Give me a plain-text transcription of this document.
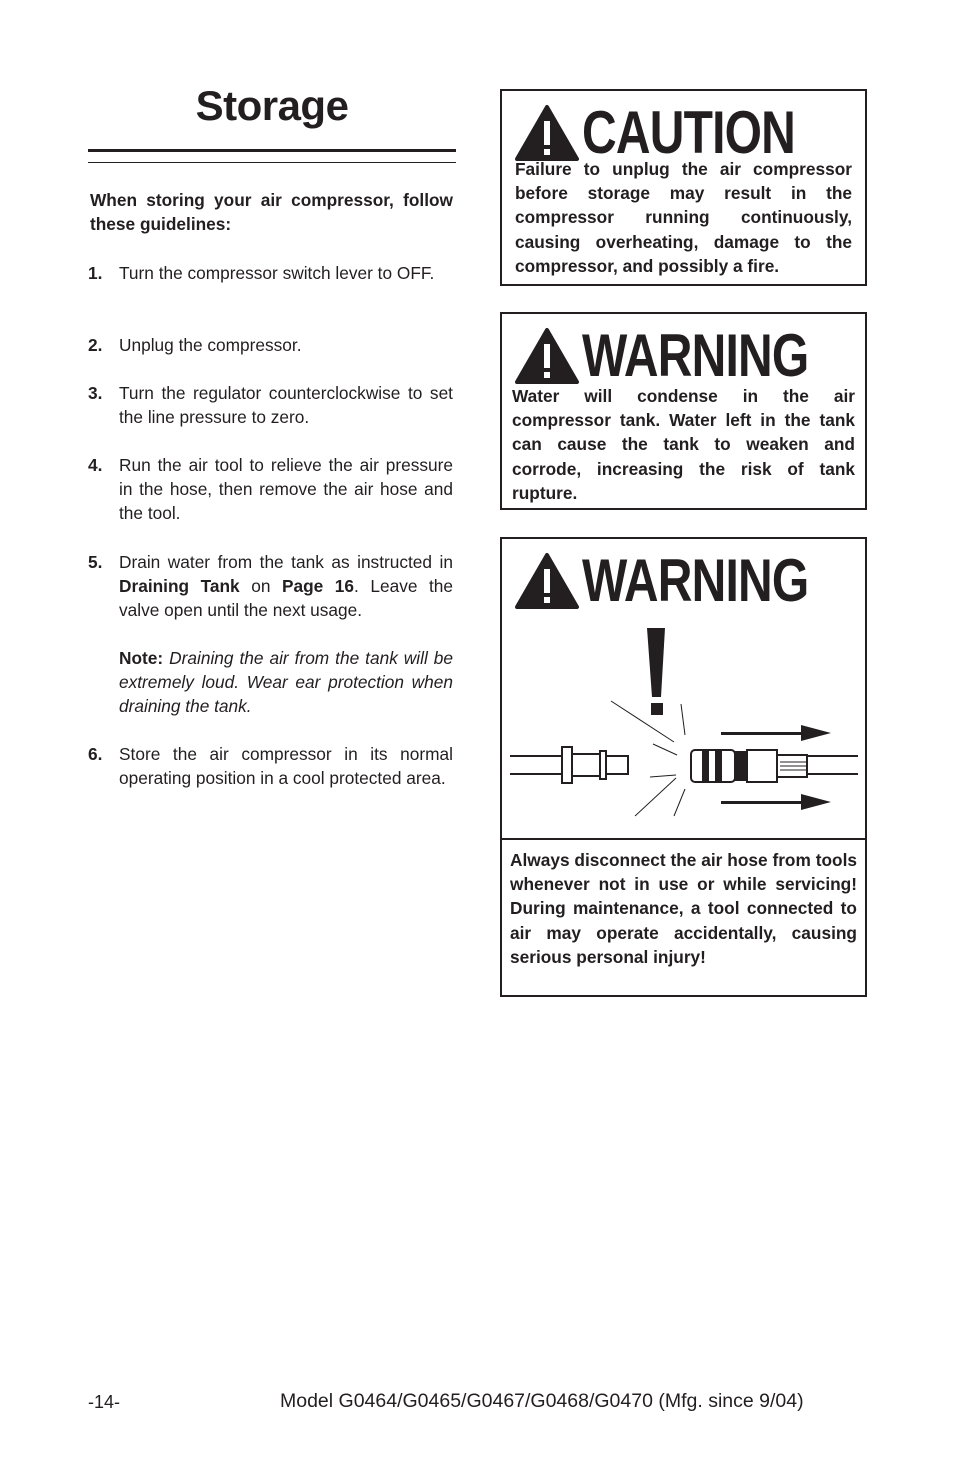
Storage
When storing your air compressor, follow these guidelines:
1. Turn the compressor switch lever to OFF.
2. Unplug the compressor.
3. Turn the regulator counterclockwise to set the line pressure to zero.
4. Run the air tool to relieve the air pressure in the hose, then remove the air hose and the tool.
5. Drain water from the tank as instructed in Draining Tank on Page 16. Leave the valve open until the next usage.
Note: Draining the air from the tank will be extremely loud. Wear ear protection when draining the tank.
6. Store the air compressor in its normal operating position in a cool protected area.
CAUTION
Failure to unplug the air compressor before storage may result in the compressor running continuously, causing overheating, damage to the compressor, and possibly a fire.
WARNING
Water will condense in the air compressor tank. Water left in the tank can cause the tank to weaken and corrode, increasing the risk of tank rupture.
WARNING
Always disconnect the air hose from tools whenever not in use or while servicing! During maintenance, a tool connected to air may operate accidentally, causing serious personal injury!
-14-	Model G0464/G0465/G0467/G0468/G0470 (Mfg. since 9/04)
